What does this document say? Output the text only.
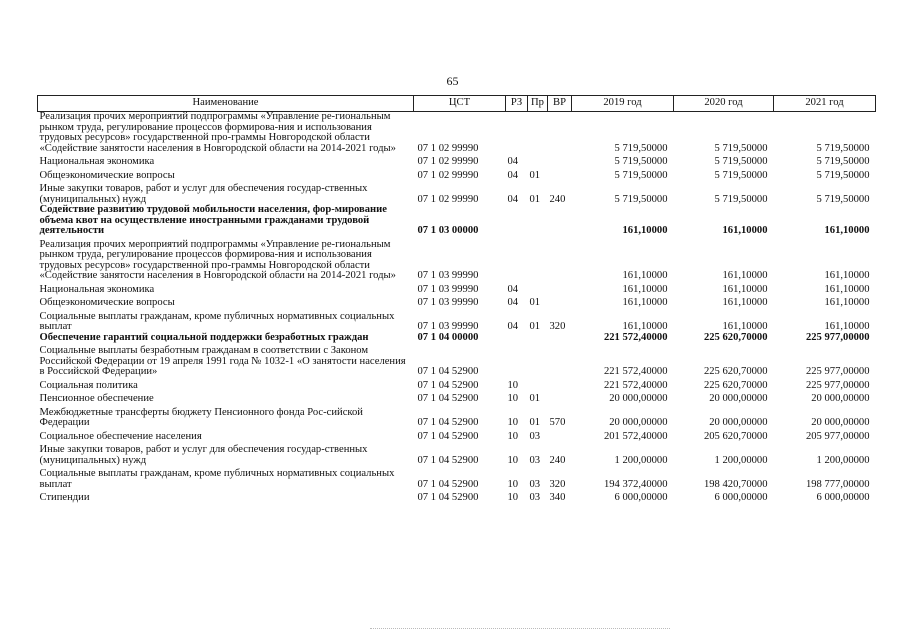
65
Наименование	ЦСТ	РЗ	Пр	ВР	2019 год	2020 год	2021 год
Реализация прочих мероприятий подпрограммы «Управление ре-гиональным рынком труда, регулирование процессов формирова-ния и использования трудовых ресурсов» государственной про-граммы Новгородской области «Содействие занятости населения в Новгородской области на 2014-2021 годы»	07 1 02 99990				5 719,50000	5 719,50000	5 719,50000
Национальная экономика	07 1 02 99990	04			5 719,50000	5 719,50000	5 719,50000
Общеэкономические вопросы	07 1 02 99990	04	01		5 719,50000	5 719,50000	5 719,50000
Иные закупки товаров, работ и услуг для обеспечения государ-ственных (муниципальных) нужд	07 1 02 99990	04	01	240	5 719,50000	5 719,50000	5 719,50000
Содействие развитию трудовой мобильности населения, фор-мирование объема квот на осуществление иностранными гражданами трудовой деятельности	07 1 03 00000				161,10000	161,10000	161,10000
Реализация прочих мероприятий подпрограммы «Управление ре-гиональным рынком труда, регулирование процессов формирова-ния и использования трудовых ресурсов» государственной про-граммы Новгородской области «Содействие занятости населения в Новгородской области на 2014-2021 годы»	07 1 03 99990				161,10000	161,10000	161,10000
Национальная экономика	07 1 03 99990	04			161,10000	161,10000	161,10000
Общеэкономические вопросы	07 1 03 99990	04	01		161,10000	161,10000	161,10000
Социальные выплаты гражданам, кроме публичных нормативных социальных выплат	07 1 03 99990	04	01	320	161,10000	161,10000	161,10000
Обеспечение гарантий социальной поддержки безработных граждан	07 1 04 00000				221 572,40000	225 620,70000	225 977,00000
Социальные выплаты безработным гражданам в соответствии с Законом Российской Федерации от 19 апреля 1991 года № 1032-1 «О занятости населения в Российской Федерации»	07 1 04 52900				221 572,40000	225 620,70000	225 977,00000
Социальная политика	07 1 04 52900	10			221 572,40000	225 620,70000	225 977,00000
Пенсионное обеспечение	07 1 04 52900	10	01		20 000,00000	20 000,00000	20 000,00000
Межбюджетные трансферты бюджету Пенсионного фонда Рос-сийской Федерации	07 1 04 52900	10	01	570	20 000,00000	20 000,00000	20 000,00000
Социальное обеспечение населения	07 1 04 52900	10	03		201 572,40000	205 620,70000	205 977,00000
Иные закупки товаров, работ и услуг для обеспечения государ-ственных (муниципальных) нужд	07 1 04 52900	10	03	240	1 200,00000	1 200,00000	1 200,00000
Социальные выплаты гражданам, кроме публичных нормативных социальных выплат	07 1 04 52900	10	03	320	194 372,40000	198 420,70000	198 777,00000
Стипендии	07 1 04 52900	10	03	340	6 000,00000	6 000,00000	6 000,00000
